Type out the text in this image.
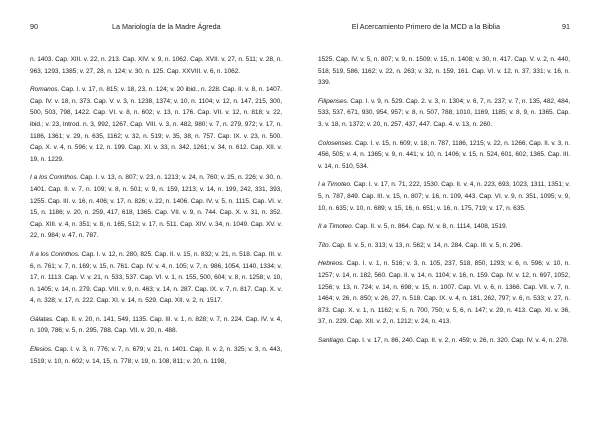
90	La Mariología de la Madre Ágreda

n. 1403. Cap. XIII. v. 22, n. 213. Cap. XIV. v. 9, n. 1062. Cap. XVII. v. 27, n. 511; v. 28, n. 963, 1293, 1385; v. 27, 28, n. 124; v. 30, n. 125. Cap. XXVIII. v. 6, n. 1062.

Romanos. Cap. I. v. 17, n. 815; v. 18, 23, n. 124; v. 20 ibid., n. 228. Cap. II. v. 8, n. 1407. Cap. IV. v. 18, n. 373. Cap. V. v. 3, n. 1238, 1374; v. 10, n. 1104; v. 12, n. 147, 215, 300, 500, 503, 798, 1422. Cap. VI. v. 8, n. 602; v. 13, n. 176. Cap. VII. v. 12, n. 818; v. 22, ibid.; v. 23, Introd. n. 3, 992, 1267. Cap. VIII. v. 3, n. 482, 980; v. 7, n. 279, 972; v. 17, n. 1186, 1361; v. 29, n. 635, 1162; v. 32, n. 519; v. 35, 38, n. 757. Cap. IX. v. 23, n. 500. Cap. X. v. 4, n. 596; v. 12, n. 199. Cap. XI. v. 33, n. 342, 1261; v. 34, n. 612. Cap. XII. v. 19, n. 1229.

I a los Corinthos. Cap. I. v. 13, n. 807; v. 23, n. 1213; v. 24, n. 760; v. 25, n. 226; v. 30, n. 1401. Cap. II. v. 7, n. 109; v. 8, n. 501; v. 9, n. 159, 1213; v. 14, n. 199, 242, 331, 393, 1255. Cap. III. v. 16, n. 406; v. 17, n. 826; v. 22, n. 1406. Cap. IV. v. 5, n. 1115. Cap. VI. v. 15, n. 1186; v. 20, n. 259, 417, 618, 1365. Cap. VII. v. 9, n. 744. Cap. X. v. 31, n. 352. Cap. XIII. v. 4, n. 351; v. 8, n. 165, 512; v. 17, n. 511. Cap. XIV. v. 34, n. 1049. Cap. XV. v. 22, n. 984; v. 47, n. 787.

II a los Corinthos. Cap. I. v. 12, n. 280, 825. Cap. II. v. 15, n. 832; v. 21, n. 518. Cap. III. v. 6, n. 761; v. 7, n. 169; v. 15, n. 761. Cap. IV. v. 4, n. 105; v. 7, n. 986, 1054, 1140, 1334; v. 17, n. 1113. Cap. V. v. 21, n. 533, 537. Cap. VI. v. 1, n. 155, 500, 604; v. 8, n. 1258; v. 10, n. 1405; v. 14, n. 279. Cap. VIII. v. 9, n. 463; v. 14, n. 287. Cap. IX. v. 7, n. 817. Cap. X. v. 4, n. 328; v. 17, n. 222. Cap. XI. v. 14, n. 529. Cap. XII. v. 2, n. 1517.

Gálatas. Cap. II. v. 20, n. 141, 549, 1135. Cap. III. v. 1, n. 828; v. 7, n. 224. Cap. IV. v. 4, n. 109, 786; v. 5, n. 295, 788. Cap. VII. v. 20, n. 488.

Efesios. Cap. I. v. 3, n. 776; v. 7, n. 679; v. 21, n. 1401. Cap. II. v. 2, n. 325; v. 3, n. 443, 1519; v. 10, n. 602; v. 14, 15, n. 778; v. 19, n. 108, 811; v. 20, n. 1198,

El Acercamiento Primero de la MCD a la Biblia	91

1525. Cap. IV. v. 5, n. 807; v. 9, n. 1509; v. 15, n. 1408; v. 30, n. 417. Cap. V. v. 2, n. 440, 518, 519, 586, 1162; v. 22, n. 263; v. 32, n. 159, 161. Cap. VI. v. 12, n. 37, 331; v. 16, n. 339.

Filipenses. Cap. I. v. 9, n. 529. Cap. 2. v. 3, n. 1304; v. 6, 7, n. 237; v. 7, n. 135, 482, 484, 533, 537, 671, 930, 954, 957; v. 8, n. 507, 788, 1010, 1169, 1185; v. 8, 9, n. 1365. Cap. 3. v. 18, n. 1372; v. 20, n. 257, 437, 447. Cap. 4. v. 13, n. 260.

Colosenses. Cap. I. v. 15, n. 609; v. 18, n. 787, 1186, 1215; v. 22, n. 1266. Cap. II. v. 3, n. 456, 505; v. 4, n. 1365; v. 9, n. 441; v. 10, n. 1406; v. 15, n. 524, 601, 602, 1365. Cap. III. v. 14, n. 510, 534.

I a Timoteo. Cap. I. v. 17, n. 71, 222, 1530. Cap. II. v. 4, n. 223, 693, 1023, 1311, 1351; v. 5, n. 787, 849. Cap. III. v. 15, n. 807; v. 16, n. 109, 443. Cap. VI. v. 9, n. 351, 1095; v. 9, 10, n. 635; v. 10, n. 689; v. 15, 16, n. 651; v. 16, n. 175, 719; v. 17, n. 635.

II a Timoteo. Cap. II. v. 5, n. 864. Cap. IV. v. 8, n. 1114, 1408, 1519.

Tito. Cap. II. v. 5, n. 313; v. 13, n. 562; v. 14, n. 284. Cap. III. v. 5, n. 296.

Hebreos. Cap. I. v. 1, n. 516; v. 3, n. 105, 237, 518, 850, 1293; v. 6, n. 596; v. 10, n. 1257; v. 14, n. 182, 560. Cap. II. v. 14, n. 1104; v. 16, n. 159. Cap. IV. v. 12, n. 697, 1052, 1256; v. 13, n. 724; v. 14, n. 698; v. 15, n. 1007. Cap. VI. v. 6, n. 1366. Cap. VII. v. 7, n. 1464; v. 26, n. 850; v. 26, 27, n. 518. Cap. IX. v. 4, n. 181, 262, 797; v. 6, n. 533; v. 27, n. 873. Cap. X. v. 1, n. 1162; v. 5, n. 700, 750; v. 5, 6, n. 147; v. 29, n. 413. Cap. XI. v. 36, 37, n. 229. Cap. XII. v. 2, n. 1212; v. 24, n. 413.

Santiago. Cap. I. v. 17, n. 86, 240. Cap. II. v. 2, n. 459; v. 26, n. 320. Cap. IV. v. 4, n. 278.
